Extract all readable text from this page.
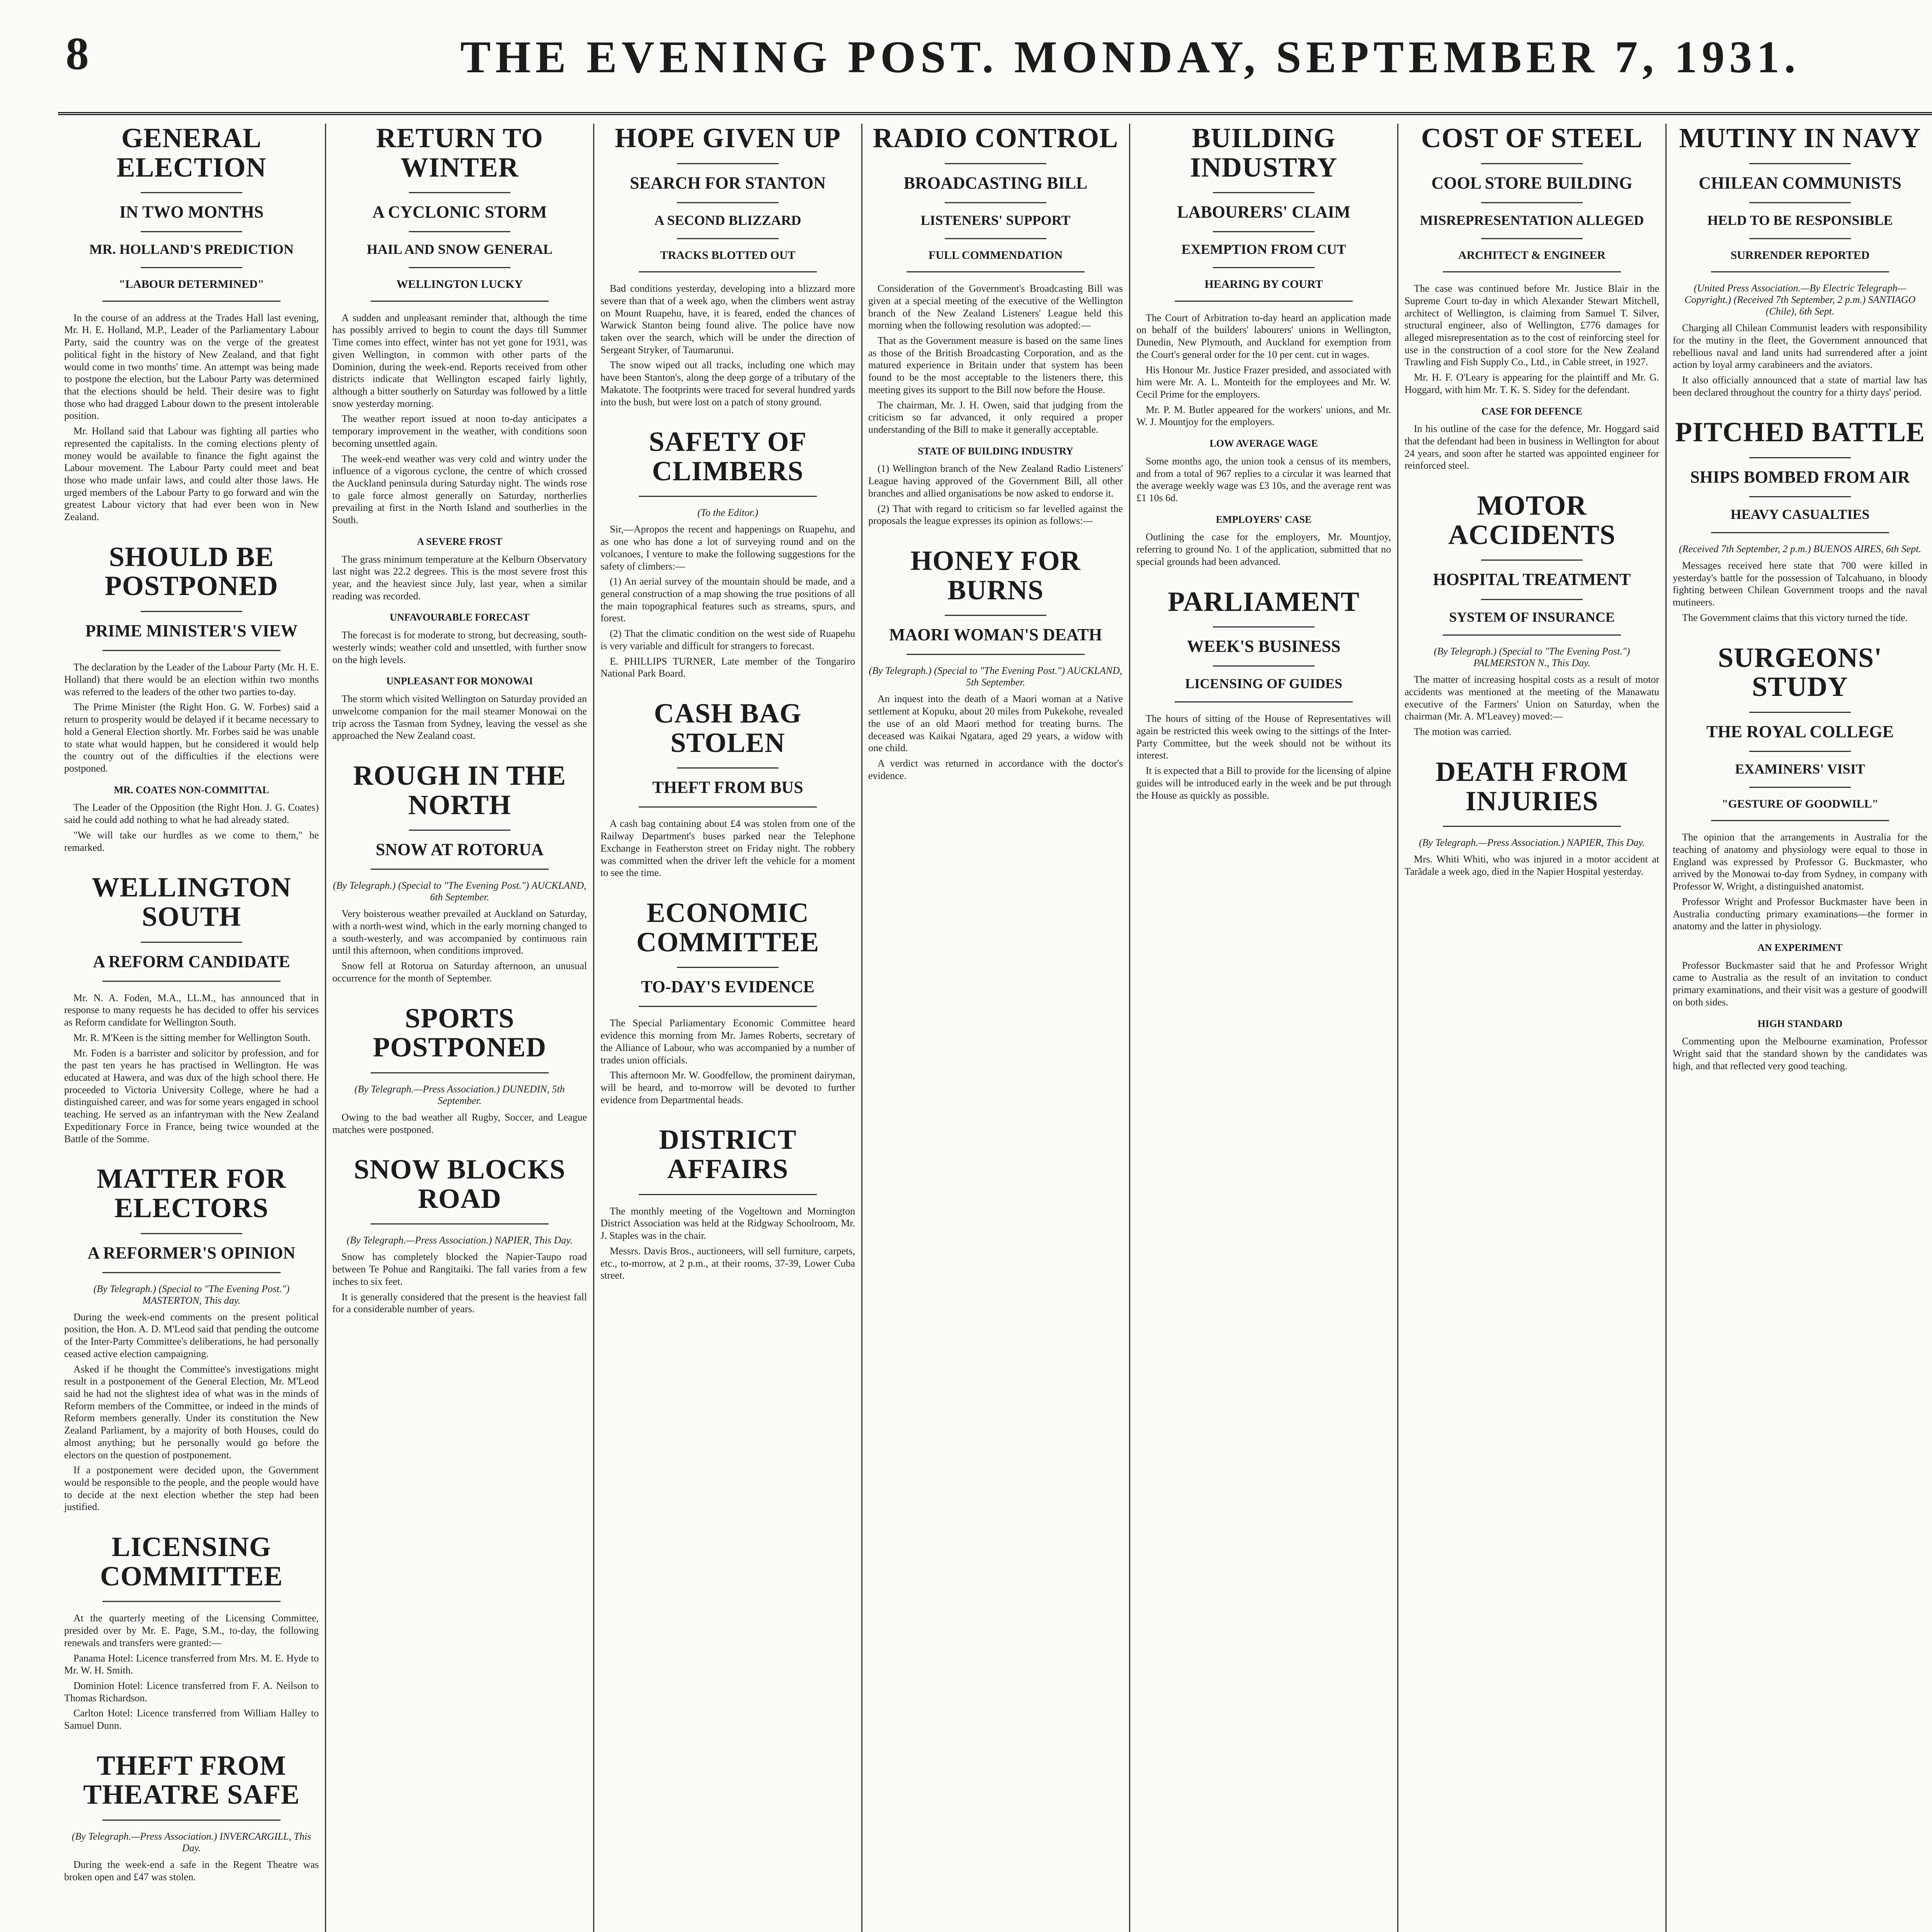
8	THE EVENING POST. MONDAY, SEPTEMBER 7, 1931.
GENERAL ELECTION
IN TWO MONTHS
MR. HOLLAND'S PREDICTION
"LABOUR DETERMINED"

In the course of an address at the Trades Hall last evening, Mr. H. E. Holland, M.P., Leader of the Parliamentary Labour Party, said the country was on the verge of the greatest political fight in the history of New Zealand, and that fight would come in two months' time. An attempt was being made to postpone the election, but the Labour Party was determined that the elections should be held. Their desire was to fight those who had dragged Labour down to the present intolerable position.

Mr. Holland said that Labour was fighting all parties who represented the capitalists. In the coming elections plenty of money would be available to finance the fight against the Labour movement. The Labour Party could meet and beat those who made unfair laws, and could alter those laws. He urged members of the Labour Party to go forward and win the greatest Labour victory that had ever been won in New Zealand.

SHOULD BE POSTPONED
PRIME MINISTER'S VIEW

The declaration by the Leader of the Labour Party (Mr. H. E. Holland) that there would be an election within two months was referred to the leaders of the other two parties to-day.

The Prime Minister (the Right Hon. G. W. Forbes) said a return to prosperity would be delayed if it became necessary to hold a General Election shortly. Mr. Forbes said he was unable to state what would happen, but he considered it would help the country out of the difficulties if the elections were postponed.

MR. COATES NON-COMMITTAL

The Leader of the Opposition (the Right Hon. J. G. Coates) said he could add nothing to what he had already stated.

"We will take our hurdles as we come to them," he remarked.

WELLINGTON SOUTH
A REFORM CANDIDATE

Mr. N. A. Foden, M.A., LL.M., has announced that in response to many requests he has decided to offer his services as Reform candidate for Wellington South.

Mr. R. M'Keen is the sitting member for Wellington South.

Mr. Foden is a barrister and solicitor by profession, and for the past ten years he has practised in Wellington. He was educated at Hawera, and was dux of the high school there. He proceeded to Victoria University College, where he had a distinguished career, and was for some years engaged in school teaching. He served as an infantryman with the New Zealand Expeditionary Force in France, being twice wounded at the Battle of the Somme.

MATTER FOR ELECTORS
A REFORMER'S OPINION
(By Telegraph.) (Special to "The Evening Post.") MASTERTON, This day.

During the week-end comments on the present political position, the Hon. A. D. M'Leod said that pending the outcome of the Inter-Party Committee's deliberations, he had personally ceased active election campaigning.

Asked if he thought the Committee's investigations might result in a postponement of the General Election, Mr. M'Leod said he had not the slightest idea of what was in the minds of Reform members of the Committee, or indeed in the minds of Reform members generally. Under its constitution the New Zealand Parliament, by a majority of both Houses, could do almost anything; but he personally would go before the electors on the question of postponement.

If a postponement were decided upon, the Government would be responsible to the people, and the people would have to decide at the next election whether the step had been justified.

LICENSING COMMITTEE

At the quarterly meeting of the Licensing Committee, presided over by Mr. E. Page, S.M., to-day, the following renewals and transfers were granted:—

Panama Hotel: Licence transferred from Mrs. M. E. Hyde to Mr. W. H. Smith.

Dominion Hotel: Licence transferred from F. A. Neilson to Thomas Richardson.

Carlton Hotel: Licence transferred from William Halley to Samuel Dunn.

THEFT FROM THEATRE SAFE
(By Telegraph.—Press Association.) INVERCARGILL, This Day.

During the week-end a safe in the Regent Theatre was broken open and £47 was stolen.

RETURN TO WINTER
A CYCLONIC STORM
HAIL AND SNOW GENERAL
WELLINGTON LUCKY

A sudden and unpleasant reminder that, although the time has possibly arrived to begin to count the days till Summer Time comes into effect, winter has not yet gone for 1931, was given Wellington, in common with other parts of the Dominion, during the week-end. Reports received from other districts indicate that Wellington escaped fairly lightly, although a bitter southerly on Saturday was followed by a little snow yesterday morning.

The weather report issued at noon to-day anticipates a temporary improvement in the weather, with conditions soon becoming unsettled again.

The week-end weather was very cold and wintry under the influence of a vigorous cyclone, the centre of which crossed the Auckland peninsula during Saturday night. The winds rose to gale force almost generally on Saturday, northerlies prevailing at first in the North Island and southerlies in the South.

A SEVERE FROST

The grass minimum temperature at the Kelburn Observatory last night was 22.2 degrees. This is the most severe frost this year, and the heaviest since July, last year, when a similar reading was recorded.

UNFAVOURABLE FORECAST

The forecast is for moderate to strong, but decreasing, south-westerly winds; weather cold and unsettled, with further snow on the high levels.

UNPLEASANT FOR MONOWAI

The storm which visited Wellington on Saturday provided an unwelcome companion for the mail steamer Monowai on the trip across the Tasman from Sydney, leaving the vessel as she approached the New Zealand coast.

ROUGH IN THE NORTH
SNOW AT ROTORUA
(By Telegraph.) (Special to "The Evening Post.") AUCKLAND, 6th September.

Very boisterous weather prevailed at Auckland on Saturday, with a north-west wind, which in the early morning changed to a south-westerly, and was accompanied by continuous rain until this afternoon, when conditions improved.

Snow fell at Rotorua on Saturday afternoon, an unusual occurrence for the month of September.

SPORTS POSTPONED
(By Telegraph.—Press Association.) DUNEDIN, 5th September.

Owing to the bad weather all Rugby, Soccer, and League matches were postponed.

SNOW BLOCKS ROAD
(By Telegraph.—Press Association.) NAPIER, This Day.

Snow has completely blocked the Napier-Taupo road between Te Pohue and Rangitaiki. The fall varies from a few inches to six feet.

It is generally considered that the present is the heaviest fall for a considerable number of years.

HOPE GIVEN UP
SEARCH FOR STANTON
A SECOND BLIZZARD
TRACKS BLOTTED OUT

Bad conditions yesterday, developing into a blizzard more severe than that of a week ago, when the climbers went astray on Mount Ruapehu, have, it is feared, ended the chances of Warwick Stanton being found alive. The police have now taken over the search, which will be under the direction of Sergeant Stryker, of Taumarunui.

The snow wiped out all tracks, including one which may have been Stanton's, along the deep gorge of a tributary of the Makatote. The footprints were traced for several hundred yards into the bush, but were lost on a patch of stony ground.

SAFETY OF CLIMBERS
(To the Editor.)

Sir,—Apropos the recent and happenings on Ruapehu, and as one who has done a lot of surveying round and on the volcanoes, I venture to make the following suggestions for the safety of climbers:—

(1) An aerial survey of the mountain should be made, and a general construction of a map showing the true positions of all the main topographical features such as streams, spurs, and forest.

(2) That the climatic condition on the west side of Ruapehu is very variable and difficult for strangers to forecast.

E. PHILLIPS TURNER, Late member of the Tongariro National Park Board.

CASH BAG STOLEN
THEFT FROM BUS

A cash bag containing about £4 was stolen from one of the Railway Department's buses parked near the Telephone Exchange in Featherston street on Friday night. The robbery was committed when the driver left the vehicle for a moment to see the time.

ECONOMIC COMMITTEE
TO-DAY'S EVIDENCE

The Special Parliamentary Economic Committee heard evidence this morning from Mr. James Roberts, secretary of the Alliance of Labour, who was accompanied by a number of trades union officials.

This afternoon Mr. W. Goodfellow, the prominent dairyman, will be heard, and to-morrow will be devoted to further evidence from Departmental heads.

DISTRICT AFFAIRS

The monthly meeting of the Vogeltown and Mornington District Association was held at the Ridgway Schoolroom, Mr. J. Staples was in the chair.

Messrs. Davis Bros., auctioneers, will sell furniture, carpets, etc., to-morrow, at 2 p.m., at their rooms, 37-39, Lower Cuba street.

RADIO CONTROL
BROADCASTING BILL
LISTENERS' SUPPORT
FULL COMMENDATION

Consideration of the Government's Broadcasting Bill was given at a special meeting of the executive of the Wellington branch of the New Zealand Listeners' League held this morning when the following resolution was adopted:—

That as the Government measure is based on the same lines as those of the British Broadcasting Corporation, and as the matured experience in Britain under that system has been found to be the most acceptable to the listeners there, this meeting gives its support to the Bill now before the House.

The chairman, Mr. J. H. Owen, said that judging from the criticism so far advanced, it only required a proper understanding of the Bill to make it generally acceptable.

STATE OF BUILDING INDUSTRY

(1) Wellington branch of the New Zealand Radio Listeners' League having approved of the Government Bill, all other branches and allied organisations be now asked to endorse it.

(2) That with regard to criticism so far levelled against the proposals the league expresses its opinion as follows:—

HONEY FOR BURNS
MAORI WOMAN'S DEATH
(By Telegraph.) (Special to "The Evening Post.") AUCKLAND, 5th September.

An inquest into the death of a Maori woman at a Native settlement at Kopuku, about 20 miles from Pukekohe, revealed the use of an old Maori method for treating burns. The deceased was Kaikai Ngatara, aged 29 years, a widow with one child.

A verdict was returned in accordance with the doctor's evidence.

BUILDING INDUSTRY
LABOURERS' CLAIM
EXEMPTION FROM CUT
HEARING BY COURT

The Court of Arbitration to-day heard an application made on behalf of the builders' labourers' unions in Wellington, Dunedin, New Plymouth, and Auckland for exemption from the Court's general order for the 10 per cent. cut in wages.

His Honour Mr. Justice Frazer presided, and associated with him were Mr. A. L. Monteith for the employees and Mr. W. Cecil Prime for the employers.

Mr. P. M. Butler appeared for the workers' unions, and Mr. W. J. Mountjoy for the employers.

LOW AVERAGE WAGE

Some months ago, the union took a census of its members, and from a total of 967 replies to a circular it was learned that the average weekly wage was £3 10s, and the average rent was £1 10s 6d.

EMPLOYERS' CASE

Outlining the case for the employers, Mr. Mountjoy, referring to ground No. 1 of the application, submitted that no special grounds had been advanced.

PARLIAMENT
WEEK'S BUSINESS
LICENSING OF GUIDES

The hours of sitting of the House of Representatives will again be restricted this week owing to the sittings of the Inter-Party Committee, but the week should not be without its interest.

It is expected that a Bill to provide for the licensing of alpine guides will be introduced early in the week and be put through the House as quickly as possible.

COST OF STEEL
COOL STORE BUILDING
MISREPRESENTATION ALLEGED
ARCHITECT & ENGINEER

The case was continued before Mr. Justice Blair in the Supreme Court to-day in which Alexander Stewart Mitchell, architect of Wellington, is claiming from Samuel T. Silver, structural engineer, also of Wellington, £776 damages for alleged misrepresentation as to the cost of reinforcing steel for use in the construction of a cool store for the New Zealand Trawling and Fish Supply Co., Ltd., in Cable street, in 1927.

Mr. H. F. O'Leary is appearing for the plaintiff and Mr. G. Hoggard, with him Mr. T. K. S. Sidey for the defendant.

CASE FOR DEFENCE

In his outline of the case for the defence, Mr. Hoggard said that the defendant had been in business in Wellington for about 24 years, and soon after he started was appointed engineer for reinforced steel.

MOTOR ACCIDENTS
HOSPITAL TREATMENT
SYSTEM OF INSURANCE
(By Telegraph.) (Special to "The Evening Post.") PALMERSTON N., This Day.

The matter of increasing hospital costs as a result of motor accidents was mentioned at the meeting of the Manawatu executive of the Farmers' Union on Saturday, when the chairman (Mr. A. M'Leavey) moved:—

The motion was carried.

DEATH FROM INJURIES
(By Telegraph.—Press Association.) NAPIER, This Day.

Mrs. Whiti Whiti, who was injured in a motor accident at Tarădale a week ago, died in the Napier Hospital yesterday.

MUTINY IN NAVY
CHILEAN COMMUNISTS
HELD TO BE RESPONSIBLE
SURRENDER REPORTED
(United Press Association.—By Electric Telegraph—Copyright.) (Received 7th September, 2 p.m.) SANTIAGO (Chile), 6th Sept.

Charging all Chilean Communist leaders with responsibility for the mutiny in the fleet, the Government announced that rebellious naval and land units had surrendered after a joint action by loyal army carabineers and the aviators.

It also officially announced that a state of martial law has been declared throughout the country for a thirty days' period.

PITCHED BATTLE
SHIPS BOMBED FROM AIR
HEAVY CASUALTIES
(Received 7th September, 2 p.m.) BUENOS AIRES, 6th Sept.

Messages received here state that 700 were killed in yesterday's battle for the possession of Talcahuano, in bloody fighting between Chilean Government troops and the naval mutineers.

The Government claims that this victory turned the tide.

SURGEONS' STUDY
THE ROYAL COLLEGE
EXAMINERS' VISIT
"GESTURE OF GOODWILL"

The opinion that the arrangements in Australia for the teaching of anatomy and physiology were equal to those in England was expressed by Professor G. Buckmaster, who arrived by the Monowai to-day from Sydney, in company with Professor W. Wright, a distinguished anatomist.

Professor Wright and Professor Buckmaster have been in Australia conducting primary examinations—the former in anatomy and the latter in physiology.

AN EXPERIMENT

Professor Buckmaster said that he and Professor Wright came to Australia as the result of an invitation to conduct primary examinations, and their visit was a gesture of goodwill on both sides.

HIGH STANDARD

Commenting upon the Melbourne examination, Professor Wright said that the standard shown by the candidates was high, and that reflected very good teaching.
